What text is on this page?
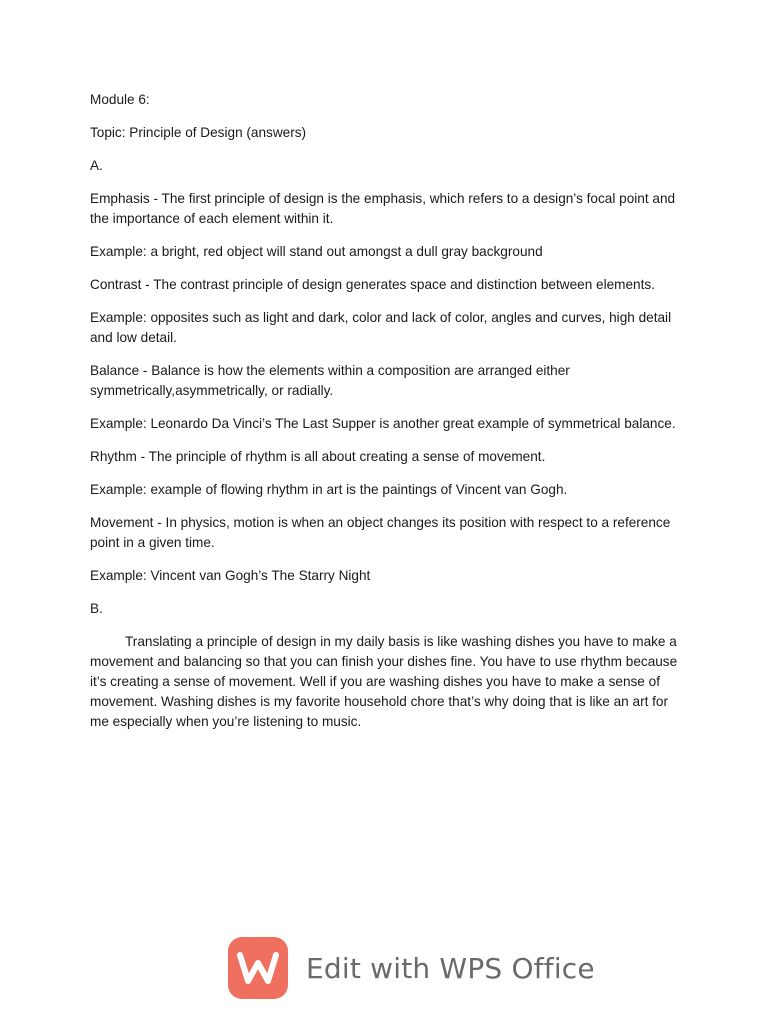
Module 6:

Topic: Principle of Design (answers)

A.

Emphasis - The first principle of design is the emphasis, which refers to a design’s focal point and the importance of each element within it.

Example: a bright, red object will stand out amongst a dull gray background

Contrast - The contrast principle of design generates space and distinction between elements.

Example: opposites such as light and dark, color and lack of color, angles and curves, high detail and low detail.

Balance - Balance is how the elements within a composition are arranged either symmetrically,asymmetrically, or radially.

Example: Leonardo Da Vinci’s The Last Supper is another great example of symmetrical balance.

Rhythm - The principle of rhythm is all about creating a sense of movement.

Example: example of flowing rhythm in art is the paintings of Vincent van Gogh.

Movement - In physics, motion is when an object changes its position with respect to a reference point in a given time.

Example: Vincent van Gogh’s The Starry Night

B.

Translating a principle of design in my daily basis is like washing dishes you have to make a movement and balancing so that you can finish your dishes fine. You have to use rhythm because it’s creating a sense of movement. Well if you are washing dishes you have to make a sense of movement. Washing dishes is my favorite household chore that’s why doing that is like an art for me especially when you’re listening to music.

Edit with WPS Office
